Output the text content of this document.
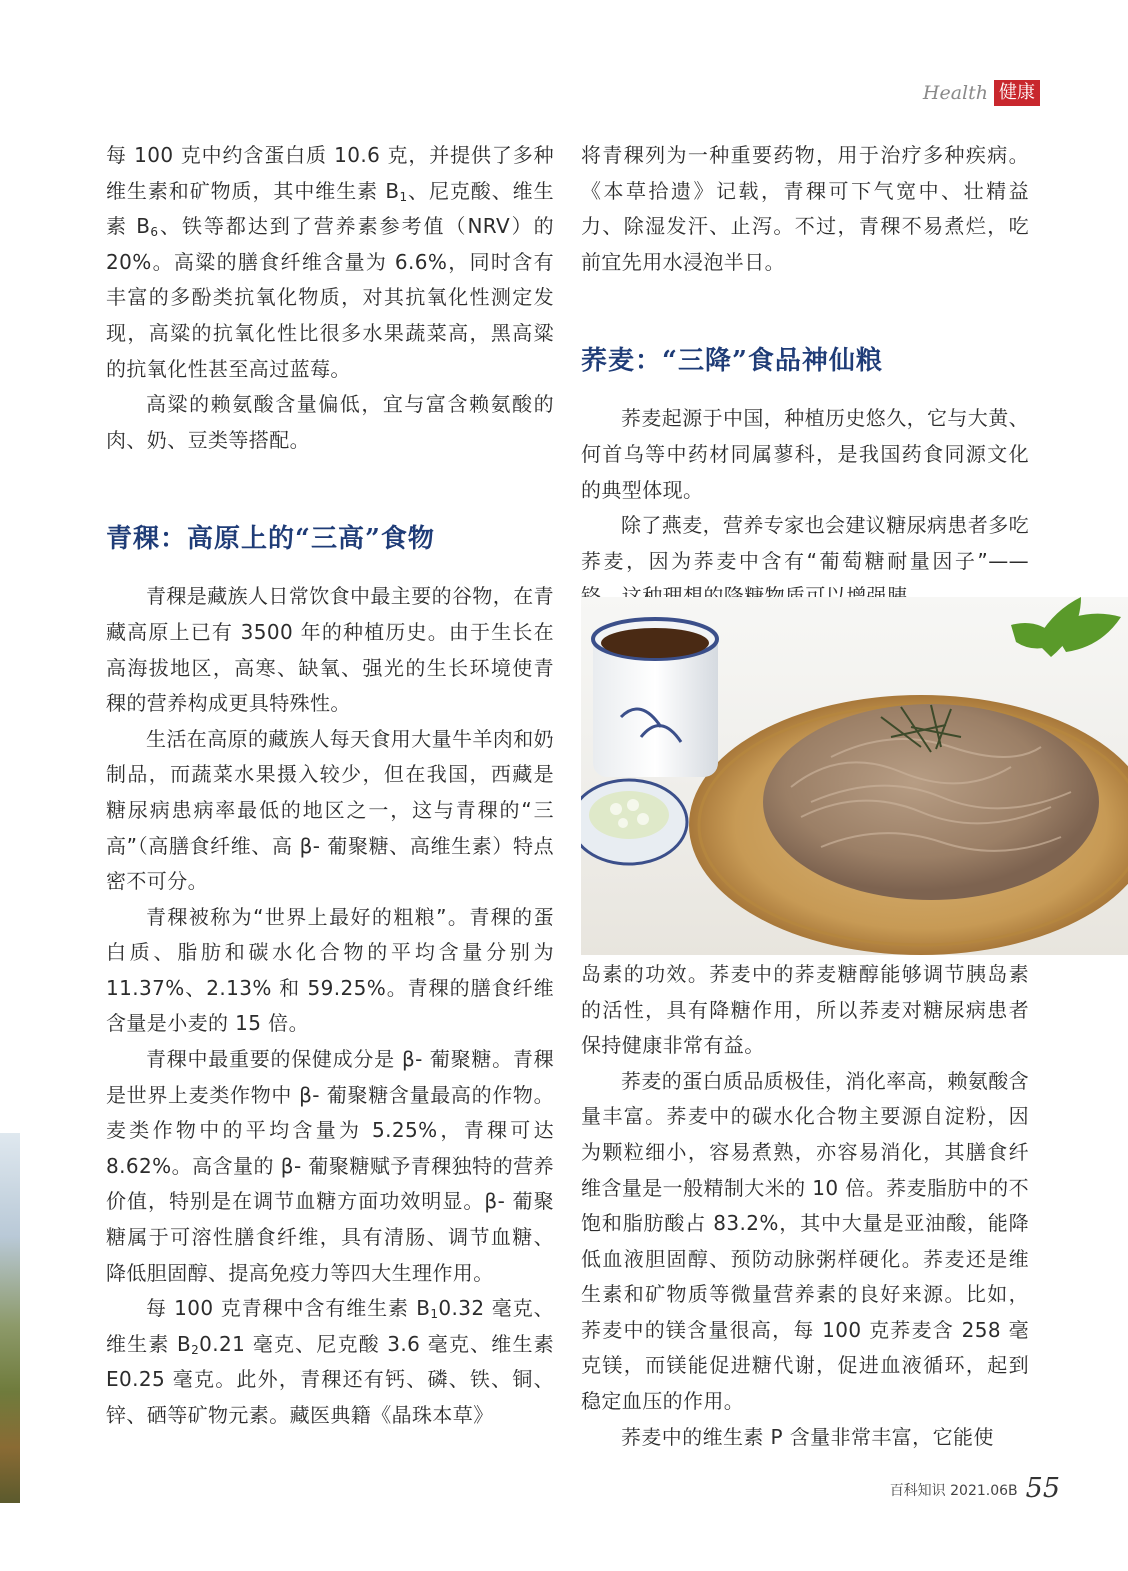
Health 健康

每 100 克中约含蛋白质 10.6 克，并提供了多种维生素和矿物质，其中维生素 $B_1$、尼克酸、维生素 $B_6$、铁等都达到了营养素参考值（NRV）的 20%。高粱的膳食纤维含量为 6.6%，同时含有丰富的多酚类抗氧化物质，对其抗氧化性测定发现，高粱的抗氧化性比很多水果蔬菜高，黑高粱的抗氧化性甚至高过蓝莓。

高粱的赖氨酸含量偏低，宜与富含赖氨酸的肉、奶、豆类等搭配。

青稞：高原上的“三高”食物

青稞是藏族人日常饮食中最主要的谷物，在青藏高原上已有 3500 年的种植历史。由于生长在高海拔地区，高寒、缺氧、强光的生长环境使青稞的营养构成更具特殊性。

生活在高原的藏族人每天食用大量牛羊肉和奶制品，而蔬菜水果摄入较少，但在我国，西藏是糖尿病患病率最低的地区之一，这与青稞的“三高”（高膳食纤维、高 β- 葡聚糖、高维生素）特点密不可分。

青稞被称为“世界上最好的粗粮”。青稞的蛋白质、脂肪和碳水化合物的平均含量分别为 11.37%、2.13% 和 59.25%。青稞的膳食纤维含量是小麦的 15 倍。

青稞中最重要的保健成分是 β- 葡聚糖。青稞是世界上麦类作物中 β- 葡聚糖含量最高的作物。麦类作物中的平均含量为 5.25%，青稞可达 8.62%。高含量的 β- 葡聚糖赋予青稞独特的营养价值，特别是在调节血糖方面功效明显。β- 葡聚糖属于可溶性膳食纤维，具有清肠、调节血糖、降低胆固醇、提高免疫力等四大生理作用。

每 100 克青稞中含有维生素 $B_10.32$ 毫克、维生素 $B_20.21$ 毫克、尼克酸 3.6 毫克、维生素 E0.25 毫克。此外，青稞还有钙、磷、铁、铜、锌、硒等矿物元素。藏医典籍《晶珠本草》

将青稞列为一种重要药物，用于治疗多种疾病。《本草拾遗》记载，青稞可下气宽中、壮精益力、除湿发汗、止泻。不过，青稞不易煮烂，吃前宜先用水浸泡半日。

荞麦：“三降”食品神仙粮

荞麦起源于中国，种植历史悠久，它与大黄、何首乌等中药材同属蓼科，是我国药食同源文化的典型体现。

除了燕麦，营养专家也会建议糖尿病患者多吃荞麦，因为荞麦中含有“葡萄糖耐量因子”——

岛素的功效。荞麦中的荞麦糖醇能够调节胰岛素的活性，具有降糖作用，所以荞麦对糖尿病患者保持健康非常有益。

荞麦的蛋白质品质极佳，消化率高，赖氨酸含量丰富。荞麦中的碳水化合物主要源自淀粉，因为颗粒细小，容易煮熟，亦容易消化，其膳食纤维含量是一般精制大米的 10 倍。荞麦脂肪中的不饱和脂肪酸占 83.2%，其中大量是亚油酸，能降低血液胆固醇、预防动脉粥样硬化。荞麦还是维生素和矿物质等微量营养素的良好来源。比如，荞麦中的镁含量很高，每 100 克荞麦含 258 毫克镁，而镁能促进糖代谢，促进血液循环，起到稳定血压的作用。

荞麦中的维生素 P 含量非常丰富，它能使

百科知识 2021.06B 55
